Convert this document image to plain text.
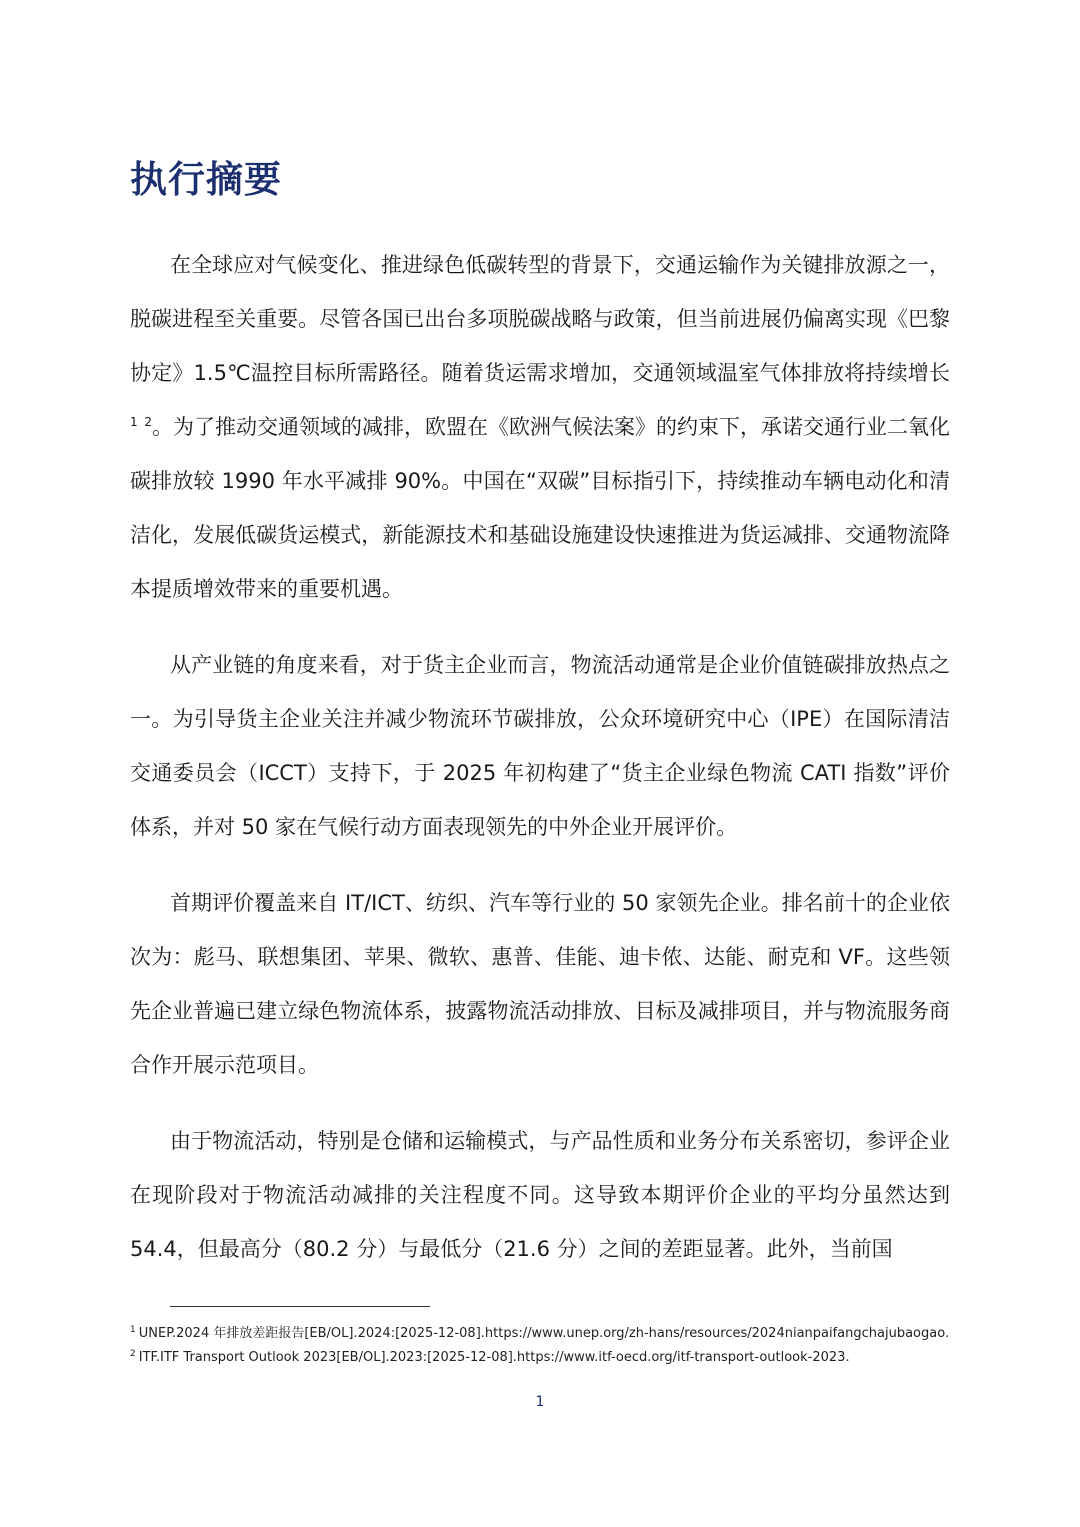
执行摘要

在全球应对气候变化、推进绿色低碳转型的背景下，交通运输作为关键排放源之一，脱碳进程至关重要。尽管各国已出台多项脱碳战略与政策，但当前进展仍偏离实现《巴黎协定》1.5℃温控目标所需路径。随着货运需求增加，交通领域温室气体排放将持续增长$^1$ $^2$。为了推动交通领域的减排，欧盟在《欧洲气候法案》的约束下，承诺交通行业二氧化碳排放较 1990 年水平减排 90%。中国在“双碳”目标指引下，持续推动车辆电动化和清洁化，发展低碳货运模式，新能源技术和基础设施建设快速推进为货运减排、交通物流降本提质增效带来的重要机遇。

从产业链的角度来看，对于货主企业而言，物流活动通常是企业价值链碳排放热点之一。为引导货主企业关注并减少物流环节碳排放，公众环境研究中心（IPE）在国际清洁交通委员会（ICCT）支持下，于 2025 年初构建了“货主企业绿色物流 CATI 指数”评价体系，并对 50 家在气候行动方面表现领先的中外企业开展评价。

首期评价覆盖来自 IT/ICT、纺织、汽车等行业的 50 家领先企业。排名前十的企业依次为：彪马、联想集团、苹果、微软、惠普、佳能、迪卡侬、达能、耐克和 VF。这些领先企业普遍已建立绿色物流体系，披露物流活动排放、目标及减排项目，并与物流服务商合作开展示范项目。

由于物流活动，特别是仓储和运输模式，与产品性质和业务分布关系密切，参评企业在现阶段对于物流活动减排的关注程度不同。这导致本期评价企业的平均分虽然达到 54.4，但最高分（80.2 分）与最低分（21.6 分）之间的差距显著。此外，当前国

$^1$ UNEP.2024 年排放差距报告[EB/OL].2024:[2025-12-08].https://www.unep.org/zh-hans/resources/2024nianpaifangchajubaogao.

$^2$ ITF.ITF Transport Outlook 2023[EB/OL].2023:[2025-12-08].https://www.itf-oecd.org/itf-transport-outlook-2023.

1
